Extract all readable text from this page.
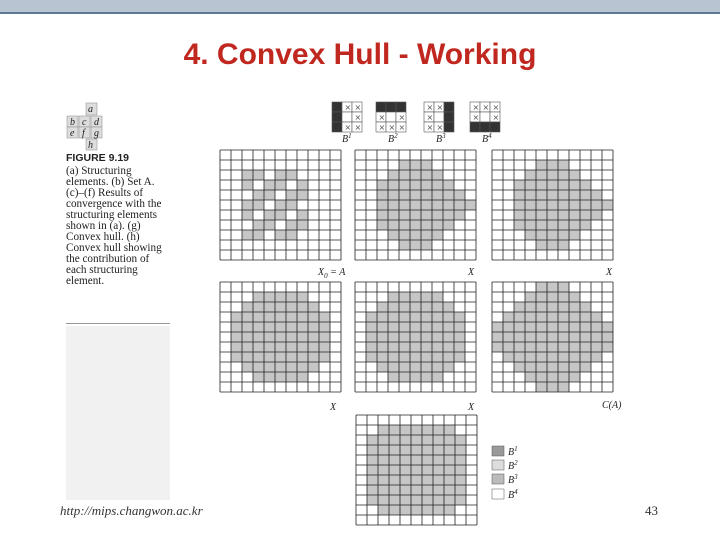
4. Convex Hull - Working
FIGURE 9.19
(a) Structuring elements. (b) Set A. (c)–(f) Results of convergence with the structuring elements shown in (a). (g) Convex hull. (h) Convex hull showing the contribution of each structuring element.
a
b c d
e f g
h
× ×
×
× ×
× ×
× × ×
× ×
×
× ×
× × ×
× ×
$B^1$	$B^2$	$B^3$	$B^4$
$X_0 = A$	X	X
X	X	C(A)
$B^1$
$B^2$
$B^3$
$B^4$
http://mips.changwon.ac.kr	43
